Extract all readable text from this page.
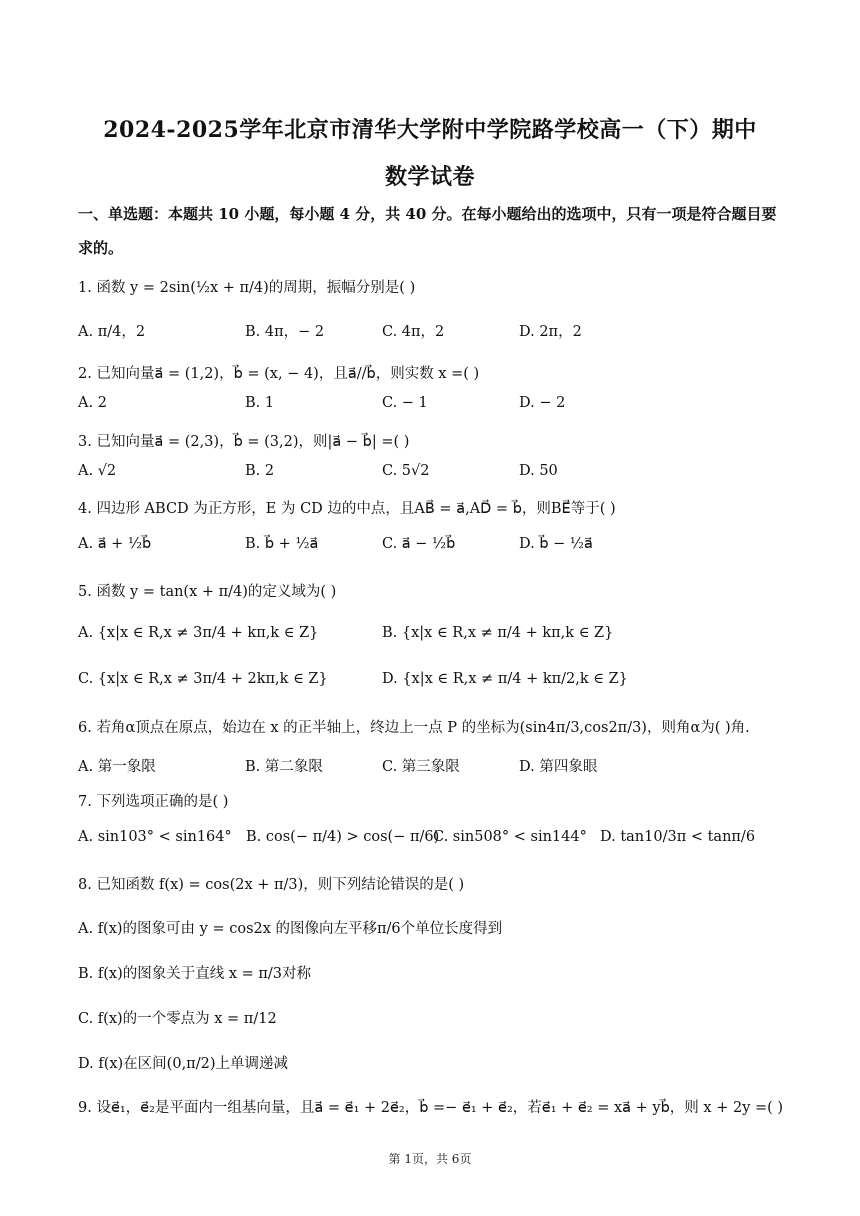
2024-2025学年北京市清华大学附中学院路学校高一（下）期中
数学试卷
一、单选题：本题共 10 小题，每小题 4 分，共 40 分。在每小题给出的选项中，只有一项是符合题目要求的。
1. 函数 y = 2sin(½x + π/4)的周期，振幅分别是( )
A. π/4，2	B. 4π，− 2	C. 4π，2	D. 2π，2
2. 已知向量a⃗ = (1,2)，b⃗ = (x, − 4)，且a⃗//b⃗，则实数 x =( )
A. 2	B. 1	C. − 1	D. − 2
3. 已知向量a⃗ = (2,3)，b⃗ = (3,2)，则|a⃗ − b⃗| =( )
A. √2	B. 2	C. 5√2	D. 50
4. 四边形 ABCD 为正方形，E 为 CD 边的中点，且AB⃗ = a⃗,AD⃗ = b⃗，则BE⃗等于( )
A. a⃗ + ½b⃗	B. b⃗ + ½a⃗	C. a⃗ − ½b⃗	D. b⃗ − ½a⃗
5. 函数 y = tan(x + π/4)的定义域为( )
A. {x|x ∈ R,x ≠ 3π/4 + kπ,k ∈ Z}	B. {x|x ∈ R,x ≠ π/4 + kπ,k ∈ Z}
C. {x|x ∈ R,x ≠ 3π/4 + 2kπ,k ∈ Z}	D. {x|x ∈ R,x ≠ π/4 + kπ/2,k ∈ Z}
6. 若角α顶点在原点，始边在 x 的正半轴上，终边上一点 P 的坐标为(sin4π/3,cos2π/3)，则角α为( )角.
A. 第一象限	B. 第二象限	C. 第三象限	D. 第四象眼
7. 下列选项正确的是( )
A. sin103° < sin164° B. cos(− π/4) > cos(− π/6)
C. sin508° < sin144° D. tan10/3π < tanπ/6
8. 已知函数 f(x) = cos(2x + π/3)，则下列结论错误的是( )
A. f(x)的图象可由 y = cos2x 的图像向左平移π/6个单位长度得到
B. f(x)的图象关于直线 x = π/3对称
C. f(x)的一个零点为 x = π/12
D. f(x)在区间(0,π/2)上单调递减
9. 设e⃗₁，e⃗₂是平面内一组基向量，且a⃗ = e⃗₁ + 2e⃗₂，b⃗ =− e⃗₁ + e⃗₂，若e⃗₁ + e⃗₂ = xa⃗ + yb⃗，则 x + 2y =( )
第 1页，共 6页
